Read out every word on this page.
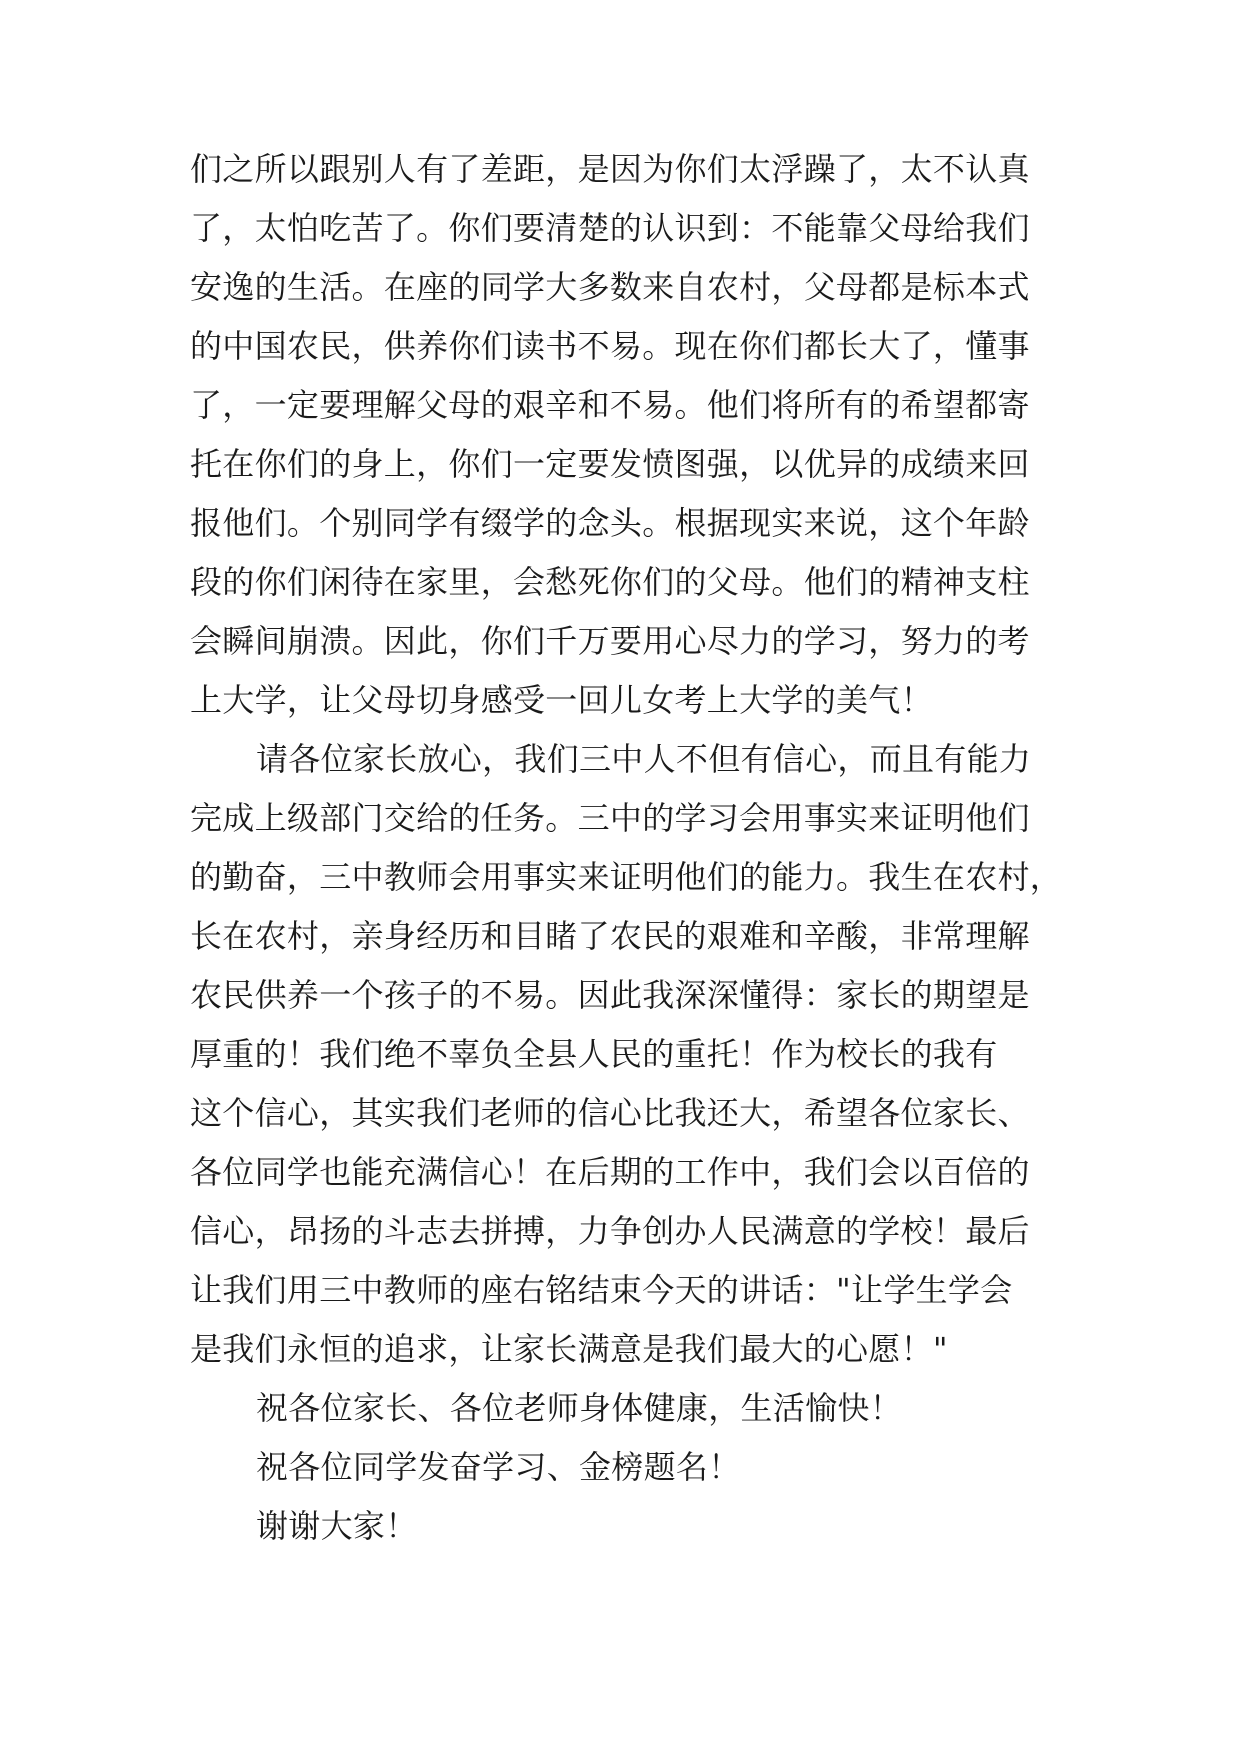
们之所以跟别人有了差距，是因为你们太浮躁了，太不认真
了，太怕吃苦了。你们要清楚的认识到：不能靠父母给我们
安逸的生活。在座的同学大多数来自农村，父母都是标本式
的中国农民，供养你们读书不易。现在你们都长大了，懂事
了，一定要理解父母的艰辛和不易。他们将所有的希望都寄
托在你们的身上，你们一定要发愤图强，以优异的成绩来回
报他们。个别同学有缀学的念头。根据现实来说，这个年龄
段的你们闲待在家里，会愁死你们的父母。他们的精神支柱
会瞬间崩溃。因此，你们千万要用心尽力的学习，努力的考
上大学，让父母切身感受一回儿女考上大学的美气！
请各位家长放心，我们三中人不但有信心，而且有能力
完成上级部门交给的任务。三中的学习会用事实来证明他们
的勤奋，三中教师会用事实来证明他们的能力。我生在农村，
长在农村，亲身经历和目睹了农民的艰难和辛酸，非常理解
农民供养一个孩子的不易。因此我深深懂得：家长的期望是
厚重的！我们绝不辜负全县人民的重托！作为校长的我有
这个信心，其实我们老师的信心比我还大，希望各位家长、
各位同学也能充满信心！在后期的工作中，我们会以百倍的
信心，昂扬的斗志去拼搏，力争创办人民满意的学校！最后
让我们用三中教师的座右铭结束今天的讲话："让学生学会
是我们永恒的追求，让家长满意是我们最大的心愿！"
祝各位家长、各位老师身体健康，生活愉快！
祝各位同学发奋学习、金榜题名！
谢谢大家！
